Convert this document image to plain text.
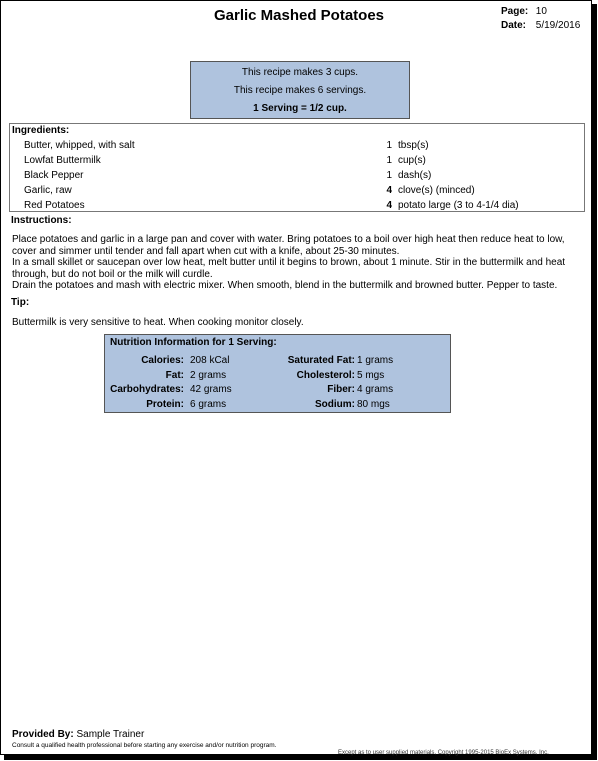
Garlic Mashed Potatoes	Page: 10
Date: 5/19/2016
This recipe makes 3 cups.
This recipe makes 6 servings.
1 Serving = 1/2 cup.
Ingredients:
Butter, whipped, with salt	1 tbsp(s)
Lowfat Buttermilk	1 cup(s)
Black Pepper	1 dash(s)
Garlic, raw	4 clove(s) (minced)
Red Potatoes	4 potato large (3 to 4-1/4 dia)
Instructions:

Place potatoes and garlic in a large pan and cover with water. Bring potatoes to a boil over high heat then reduce heat to low, cover and simmer until tender and fall apart when cut with a knife, about 25-30 minutes.

In a small skillet or saucepan over low heat, melt butter until it begins to brown, about 1 minute. Stir in the buttermilk and heat through, but do not boil or the milk will curdle.

Drain the potatoes and mash with electric mixer. When smooth, blend in the buttermilk and browned butter. Pepper to taste.

Tip:
Buttermilk is very sensitive to heat. When cooking monitor closely.
Nutrition Information for 1 Serving:
Calories: 208 kCal	Saturated Fat: 1 grams
Fat: 2 grams	Cholesterol: 5 mgs
Carbohydrates: 42 grams	Fiber: 4 grams
Protein: 6 grams	Sodium: 80 mgs
Provided By: Sample Trainer
Consult a qualified health professional before starting any exercise and/or nutrition program.
Except as to user supplied materials, Copyright 1995-2015 BioEx Systems, Inc.
